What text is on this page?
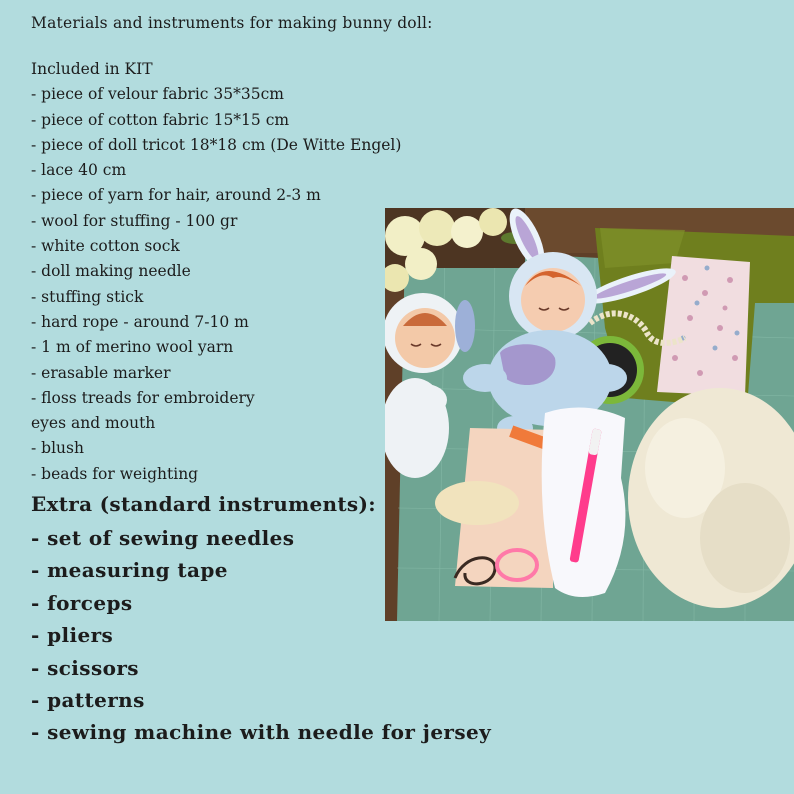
Materials and instruments for making bunny doll:
Included in KIT
- piece of velour fabric 35*35cm
- piece of cotton fabric 15*15 cm
- piece of doll tricot 18*18 cm (De Witte Engel)
- lace 40 cm
- piece of yarn for hair, around 2-3 m
- wool for stuffing - 100 gr
- white cotton sock
- doll making needle
- stuffing stick
- hard rope - around 7-10 m
- 1 m of merino wool yarn
- erasable marker
- floss treads for embroidery
eyes and mouth
- blush
- beads for weighting
Extra (standard instruments):
- set of sewing needles
- measuring tape
- forceps
- pliers
- scissors
- patterns
- sewing machine with needle for jersey
